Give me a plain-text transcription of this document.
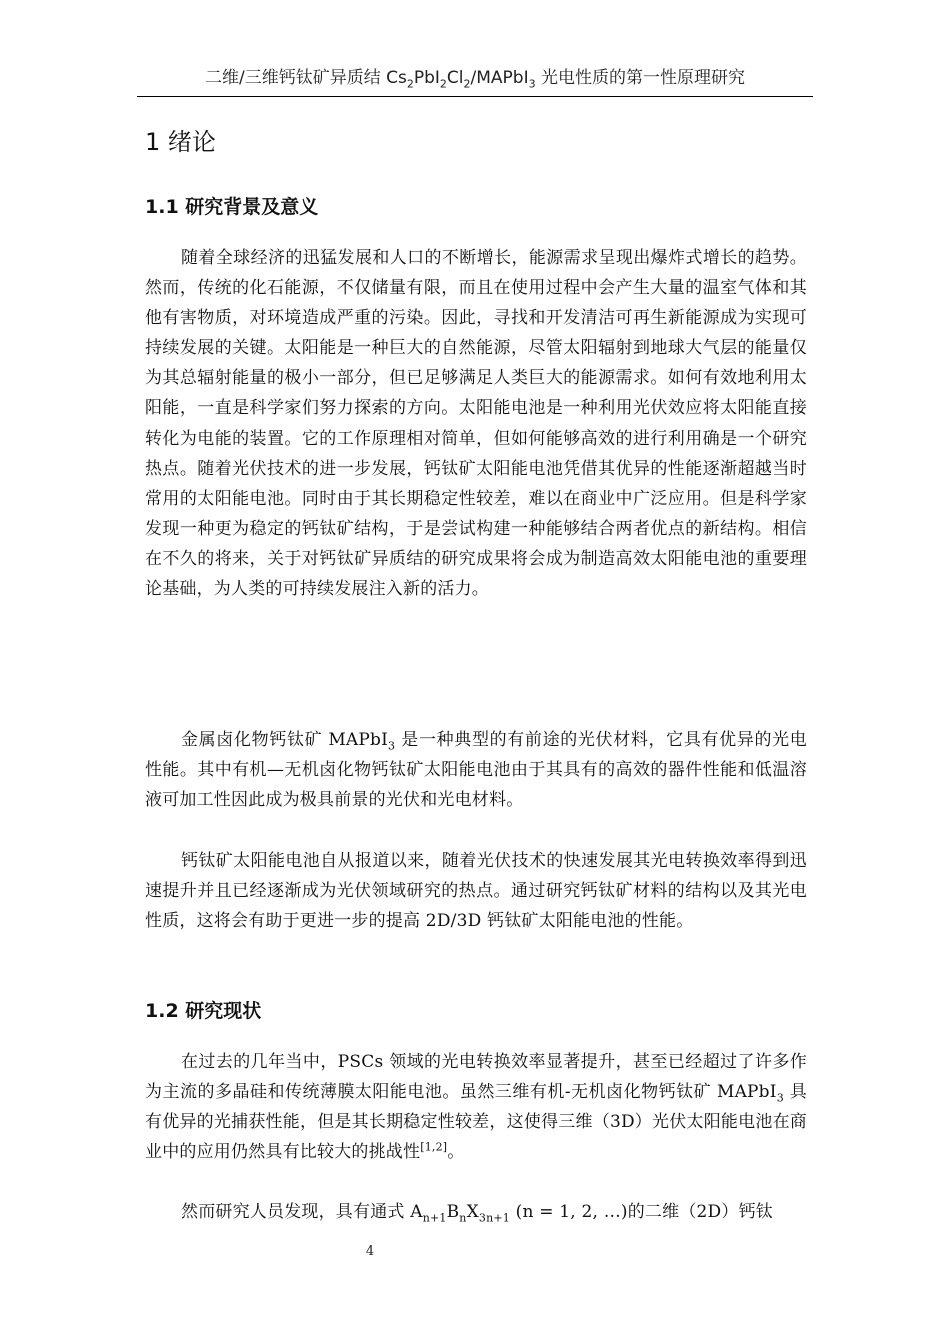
二维/三维钙钛矿异质结 $Cs_2PbI_2Cl_2/MAPbI_3$ 光电性质的第一性原理研究
1 绪论
1.1 研究背景及意义

随着全球经济的迅猛发展和人口的不断增长，能源需求呈现出爆炸式增长的趋势。然而，传统的化石能源，不仅储量有限，而且在使用过程中会产生大量的温室气体和其他有害物质，对环境造成严重的污染。因此，寻找和开发清洁可再生新能源成为实现可持续发展的关键。太阳能是一种巨大的自然能源，尽管太阳辐射到地球大气层的能量仅为其总辐射能量的极小一部分，但已足够满足人类巨大的能源需求。如何有效地利用太阳能，一直是科学家们努力探索的方向。太阳能电池是一种利用光伏效应将太阳能直接转化为电能的装置。它的工作原理相对简单，但如何能够高效的进行利用确是一个研究热点。随着光伏技术的进一步发展，钙钛矿太阳能电池凭借其优异的性能逐渐超越当时常用的太阳能电池。同时由于其长期稳定性较差，难以在商业中广泛应用。但是科学家发现一种更为稳定的钙钛矿结构，于是尝试构建一种能够结合两者优点的新结构。相信在不久的将来，关于对钙钛矿异质结的研究成果将会成为制造高效太阳能电池的重要理论基础，为人类的可持续发展注入新的活力。

金属卤化物钙钛矿 MAPbI$_3$ 是一种典型的有前途的光伏材料，它具有优异的光电性能。其中有机—无机卤化物钙钛矿太阳能电池由于其具有的高效的器件性能和低温溶液可加工性因此成为极具前景的光伏和光电材料。

钙钛矿太阳能电池自从报道以来，随着光伏技术的快速发展其光电转换效率得到迅速提升并且已经逐渐成为光伏领域研究的热点。通过研究钙钛矿材料的结构以及其光电性质，这将会有助于更进一步的提高 2D/3D 钙钛矿太阳能电池的性能。

1.2 研究现状

在过去的几年当中，PSCs 领域的光电转换效率显著提升，甚至已经超过了许多作为主流的多晶硅和传统薄膜太阳能电池。虽然三维有机-无机卤化物钙钛矿 MAPbI$_3$ 具有优异的光捕获性能，但是其长期稳定性较差，这使得三维（3D）光伏太阳能电池在商业中的应用仍然具有比较大的挑战性[1,2]。

然而研究人员发现，具有通式 $A_{n+1}B_nX_{3n+1}$ (n = 1, 2, …)的二维（2D）钙钛

4
